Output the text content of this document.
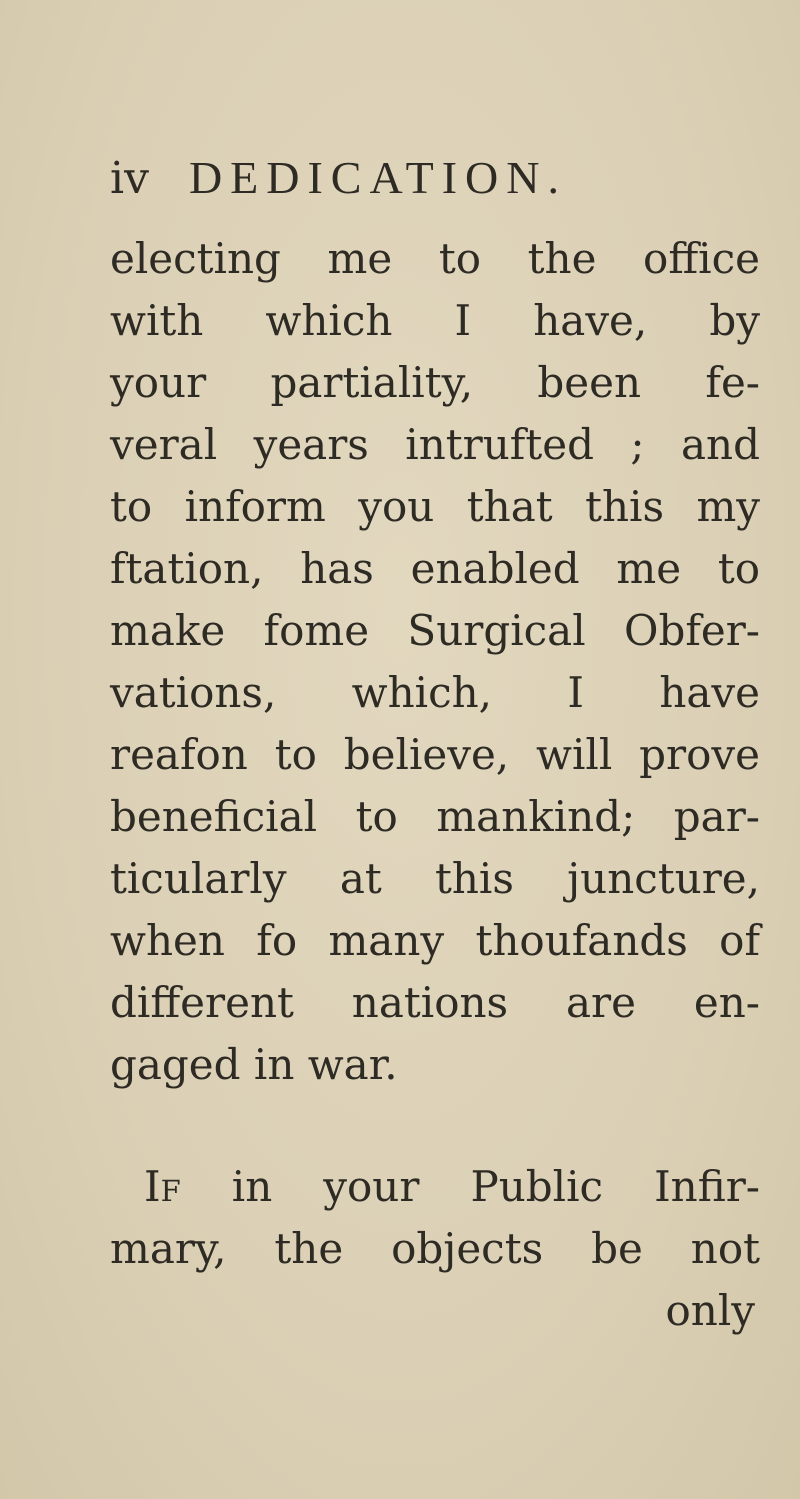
iv DEDICATION.
electing me to the office
with which I have, by
your partiality, been fe-
veral years intrufted ; and
to inform you that this my
ftation, has enabled me to
make fome Surgical Obfer-
vations, which, I have
reafon to believe, will prove
beneficial to mankind; par-
ticularly at this juncture,
when fo many thoufands of
different nations are en-
gaged in war.
If in your Public Infir-
mary, the objects be not
only
